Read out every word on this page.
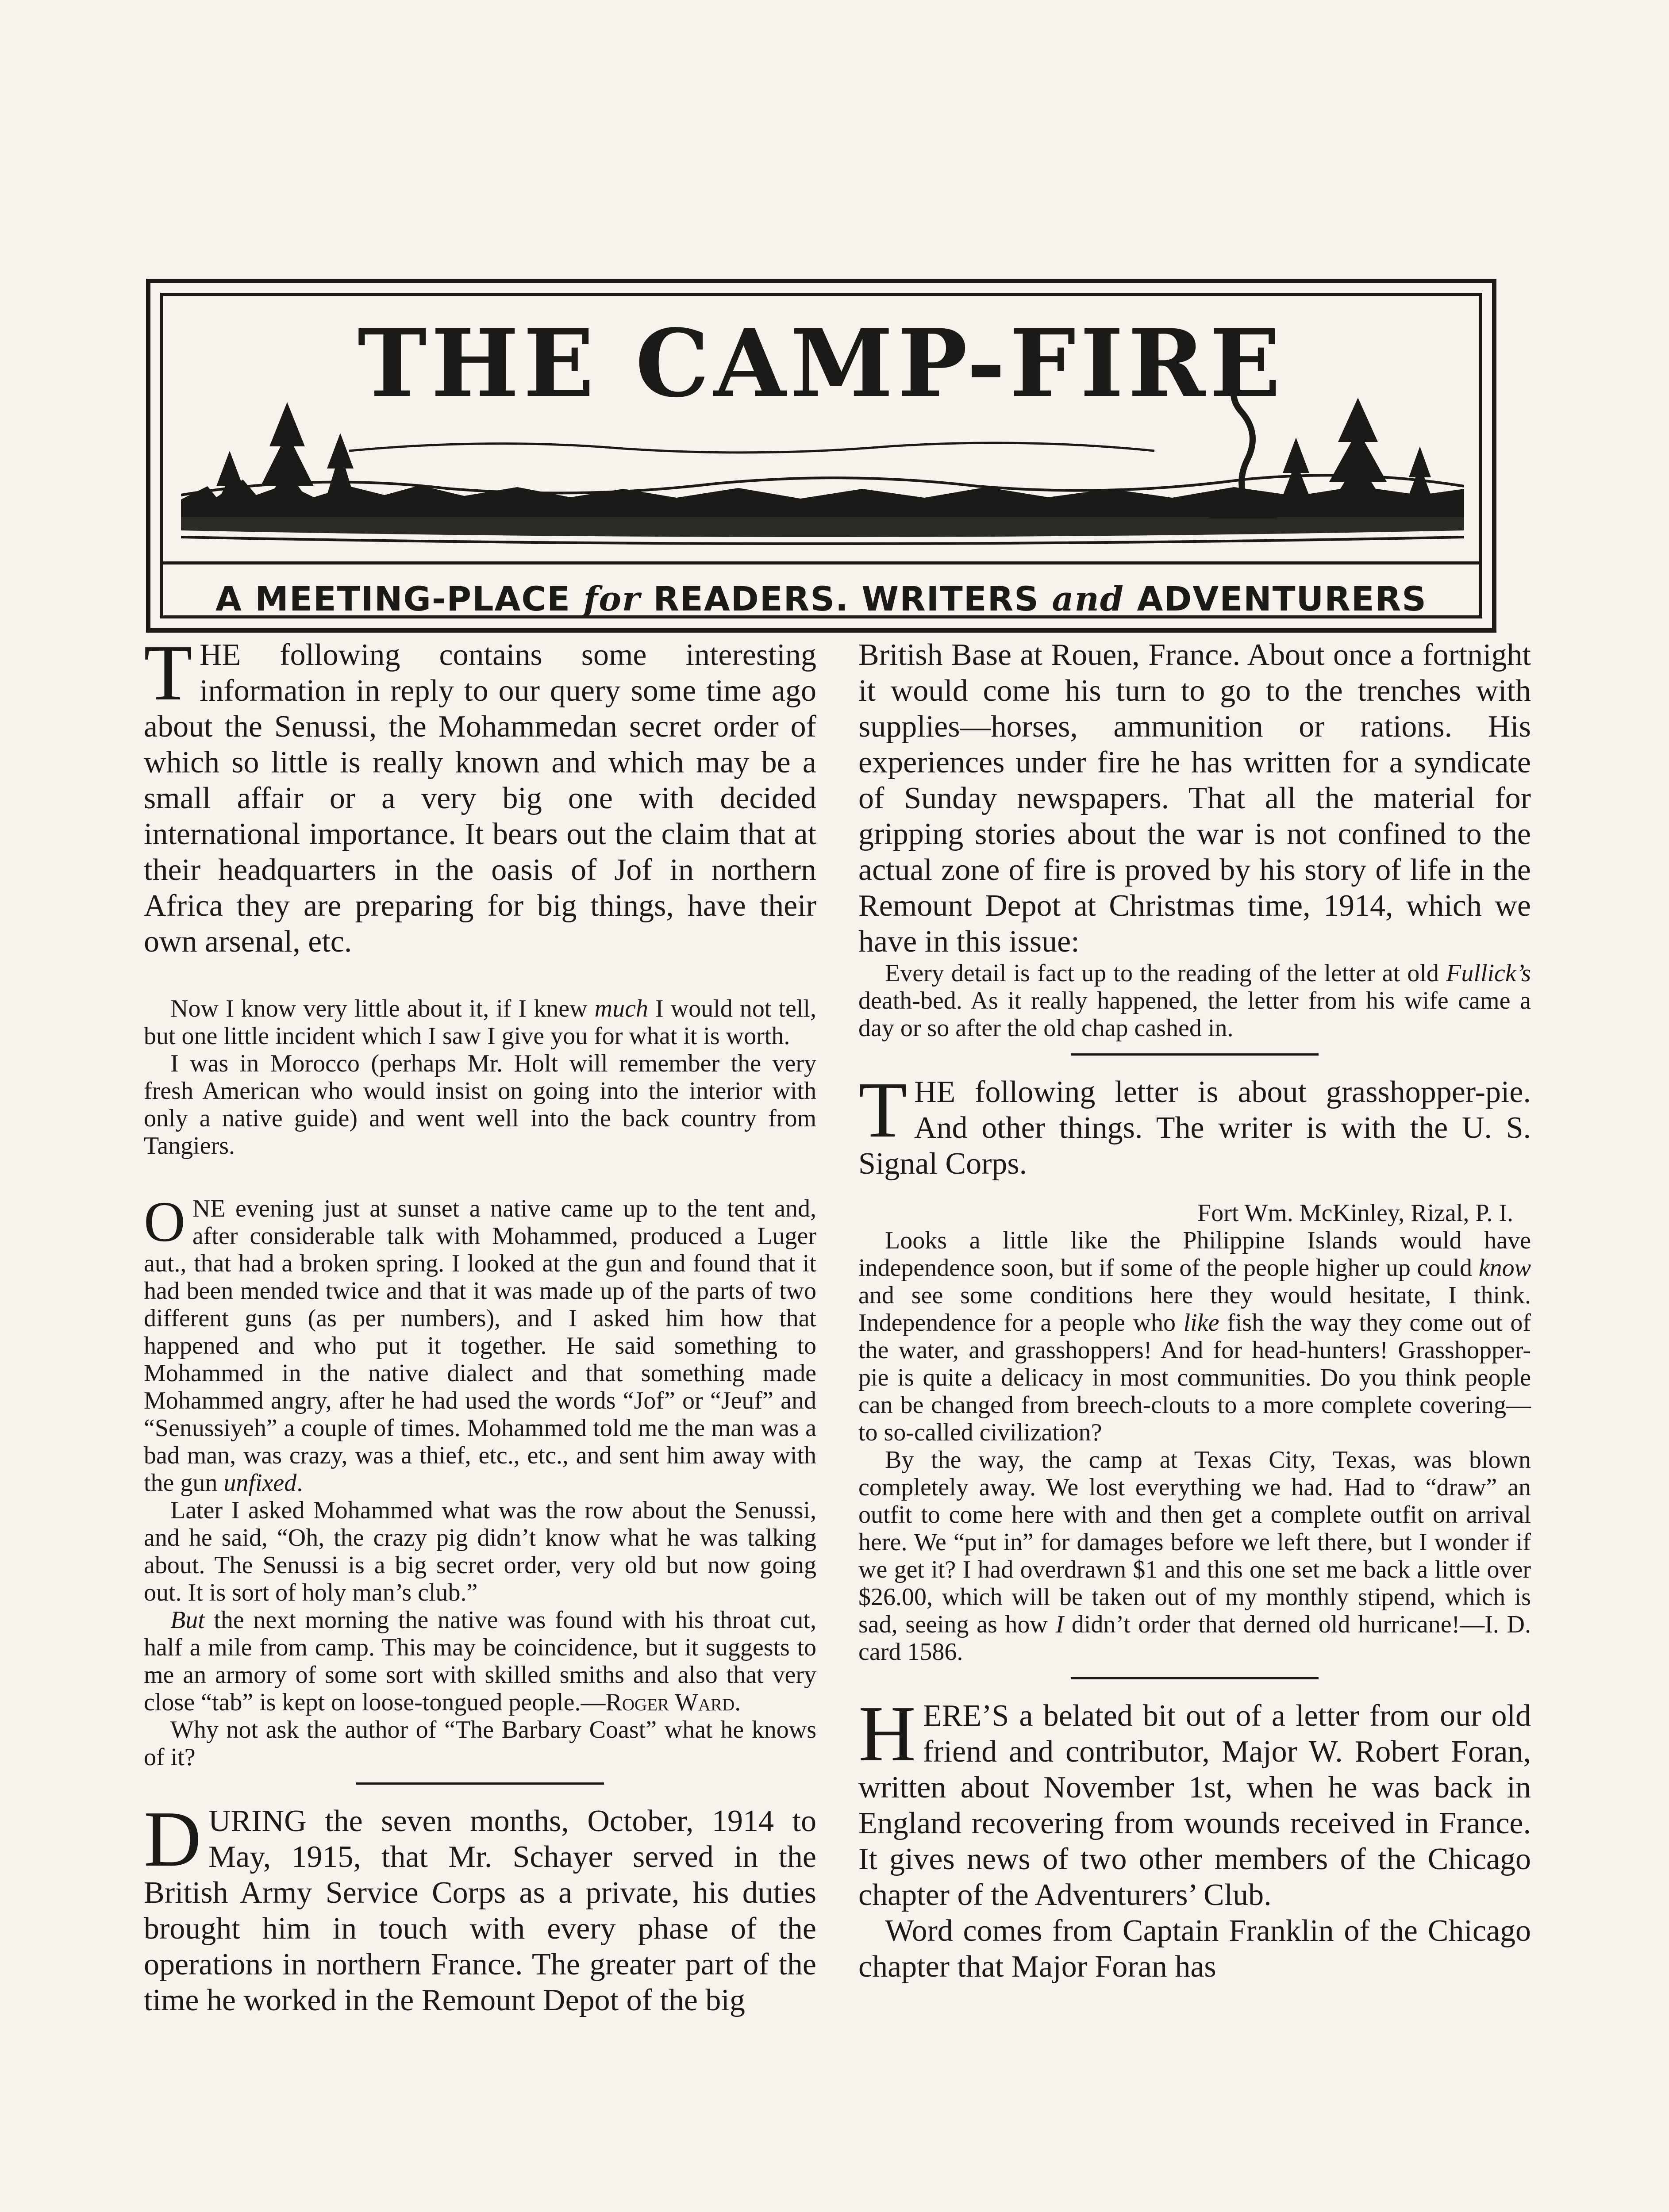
THE CAMP-FIRE
A MEETING-PLACE for READERS. WRITERS and ADVENTURERS

THE following contains some interesting information in reply to our query some time ago about the Senussi, the Mohammedan secret order of which so little is really known and which may be a small affair or a very big one with decided international importance. It bears out the claim that at their headquarters in the oasis of Jof in northern Africa they are preparing for big things, have their own arsenal, etc.

Now I know very little about it, if I knew much I would not tell, but one little incident which I saw I give you for what it is worth.

I was in Morocco (perhaps Mr. Holt will remember the very fresh American who would insist on going into the interior with only a native guide) and went well into the back country from Tangiers.

ONE evening just at sunset a native came up to the tent and, after considerable talk with Mohammed, produced a Luger aut., that had a broken spring. I looked at the gun and found that it had been mended twice and that it was made up of the parts of two different guns (as per numbers), and I asked him how that happened and who put it together. He said something to Mohammed in the native dialect and that something made Mohammed angry, after he had used the words “Jof” or “Jeuf” and “Senussiyeh” a couple of times. Mohammed told me the man was a bad man, was crazy, was a thief, etc., etc., and sent him away with the gun unfixed.

Later I asked Mohammed what was the row about the Senussi, and he said, “Oh, the crazy pig didn’t know what he was talking about. The Senussi is a big secret order, very old but now going out. It is sort of holy man’s club.”

But the next morning the native was found with his throat cut, half a mile from camp. This may be coincidence, but it suggests to me an armory of some sort with skilled smiths and also that very close “tab” is kept on loose-tongued people.—Roger Ward.

Why not ask the author of “The Barbary Coast” what he knows of it?

DURING the seven months, October, 1914 to May, 1915, that Mr. Schayer served in the British Army Service Corps as a private, his duties brought him in touch with every phase of the operations in northern France. The greater part of the time he worked in the Remount Depot of the big

British Base at Rouen, France. About once a fortnight it would come his turn to go to the trenches with supplies—horses, ammunition or rations. His experiences under fire he has written for a syndicate of Sunday newspapers. That all the material for gripping stories about the war is not confined to the actual zone of fire is proved by his story of life in the Remount Depot at Christmas time, 1914, which we have in this issue:

Every detail is fact up to the reading of the letter at old Fullick’s death-bed. As it really happened, the letter from his wife came a day or so after the old chap cashed in.

THE following letter is about grasshopper-pie. And other things. The writer is with the U. S. Signal Corps.

Fort Wm. McKinley, Rizal, P. I.

Looks a little like the Philippine Islands would have independence soon, but if some of the people higher up could know and see some conditions here they would hesitate, I think. Independence for a people who like fish the way they come out of the water, and grasshoppers! And for head-hunters! Grasshopper-pie is quite a delicacy in most communities. Do you think people can be changed from breech-clouts to a more complete covering—to so-called civilization?

By the way, the camp at Texas City, Texas, was blown completely away. We lost everything we had. Had to “draw” an outfit to come here with and then get a complete outfit on arrival here. We “put in” for damages before we left there, but I wonder if we get it? I had overdrawn $1 and this one set me back a little over $26.00, which will be taken out of my monthly stipend, which is sad, seeing as how I didn’t order that derned old hurricane!—I. D. card 1586.

HERE’S a belated bit out of a letter from our old friend and contributor, Major W. Robert Foran, written about November 1st, when he was back in England recovering from wounds received in France. It gives news of two other members of the Chicago chapter of the Adventurers’ Club.

Word comes from Captain Franklin of the Chicago chapter that Major Foran has
